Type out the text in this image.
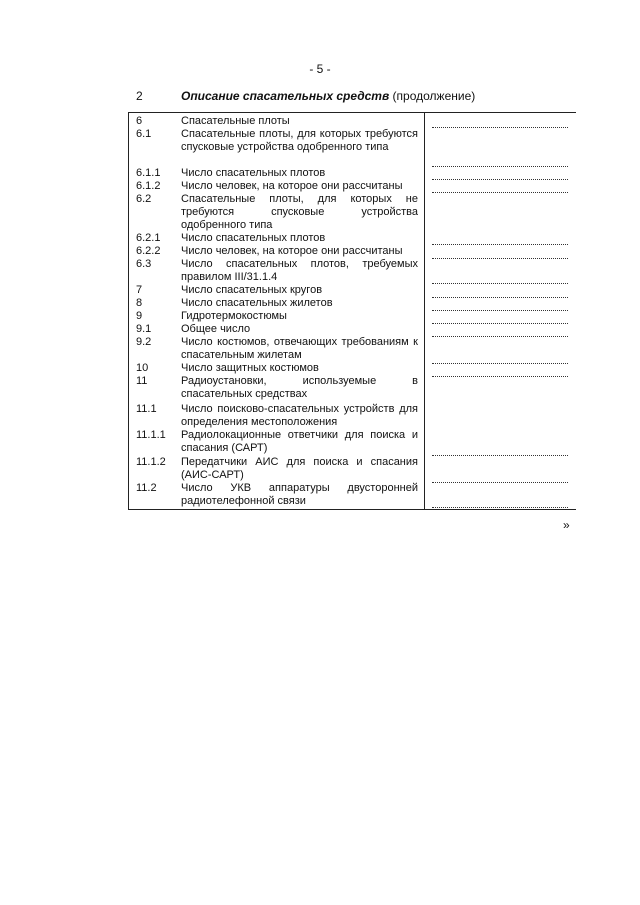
- 5 -
2	Описание спасательных средств (продолжение)
6	Спасательные плоты
6.1	Спасательные плоты, для которых требуются спусковые устройства одобренного типа
6.1.1 Число спасательных плотов
6.1.2 Число человек, на которое они рассчитаны
6.2	Спасательные плоты, для которых не требуются спусковые устройства одобренного типа
6.2.1 Число спасательных плотов
6.2.2 Число человек, на которое они рассчитаны
6.3	Число спасательных плотов, требуемых правилом III/31.1.4
7	Число спасательных кругов
8	Число спасательных жилетов
9	Гидротермокостюмы
9.1	Общее число
9.2	Число костюмов, отвечающих требованиям к спасательным жилетам
10	Число защитных костюмов
11	Радиоустановки, используемые в спасательных средствах
11.1 Число поисково-спасательных устройств для определения местоположения
11.1.1 Радиолокационные ответчики для поиска и спасания (САРТ)
11.1.2 Передатчики АИС для поиска и спасания (АИС-САРТ)
11.2 Число УКВ аппаратуры двусторонней радиотелефонной связи
»
